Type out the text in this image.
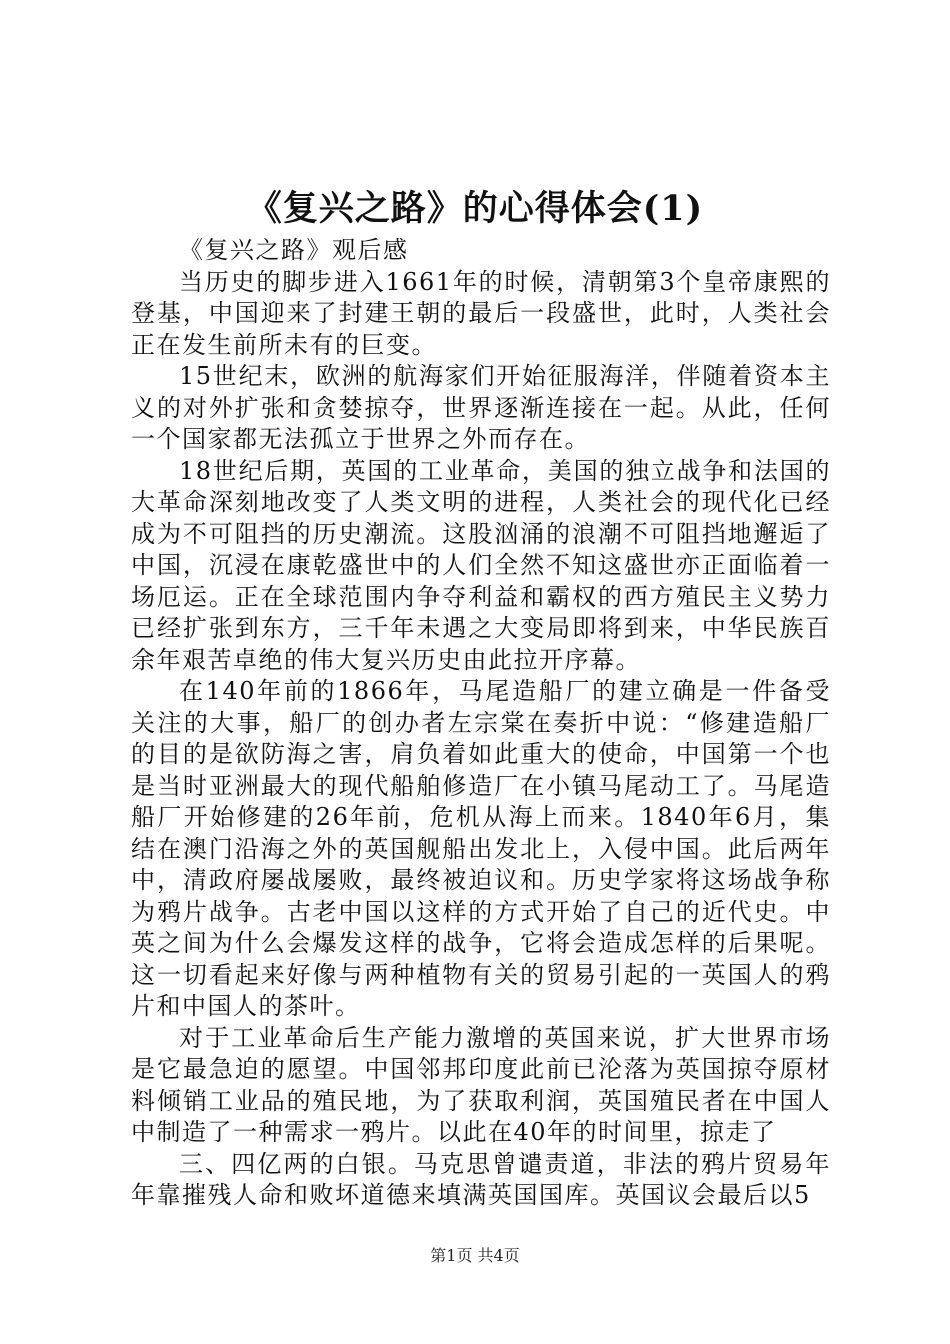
《复兴之路》的心得体会(1)

《复兴之路》观后感

当历史的脚步进入1661年的时候，清朝第3个皇帝康熙的登基，中国迎来了封建王朝的最后一段盛世，此时，人类社会正在发生前所未有的巨变。

15世纪末，欧洲的航海家们开始征服海洋，伴随着资本主义的对外扩张和贪婪掠夺，世界逐渐连接在一起。从此，任何一个国家都无法孤立于世界之外而存在。

18世纪后期，英国的工业革命，美国的独立战争和法国的大革命深刻地改变了人类文明的进程，人类社会的现代化已经成为不可阻挡的历史潮流。这股汹涌的浪潮不可阻挡地邂逅了中国，沉浸在康乾盛世中的人们全然不知这盛世亦正面临着一场厄运。正在全球范围内争夺利益和霸权的西方殖民主义势力已经扩张到东方，三千年未遇之大变局即将到来，中华民族百余年艰苦卓绝的伟大复兴历史由此拉开序幕。

在140年前的1866年，马尾造船厂的建立确是一件备受关注的大事，船厂的创办者左宗棠在奏折中说：“修建造船厂的目的是欲防海之害，肩负着如此重大的使命，中国第一个也是当时亚洲最大的现代船舶修造厂在小镇马尾动工了。马尾造船厂开始修建的26年前，危机从海上而来。1840年6月，集结在澳门沿海之外的英国舰船出发北上，入侵中国。此后两年中，清政府屡战屡败，最终被迫议和。历史学家将这场战争称为鸦片战争。古老中国以这样的方式开始了自己的近代史。中英之间为什么会爆发这样的战争，它将会造成怎样的后果呢。这一切看起来好像与两种植物有关的贸易引起的一英国人的鸦片和中国人的茶叶。

对于工业革命后生产能力激增的英国来说，扩大世界市场是它最急迫的愿望。中国邻邦印度此前已沦落为英国掠夺原材料倾销工业品的殖民地，为了获取利润，英国殖民者在中国人中制造了一种需求一鸦片。以此在40年的时间里，掠走了

三、四亿两的白银。马克思曾谴责道，非法的鸦片贸易年年靠摧残人命和败坏道德来填满英国国库。英国议会最后以5

第1页 共4页
